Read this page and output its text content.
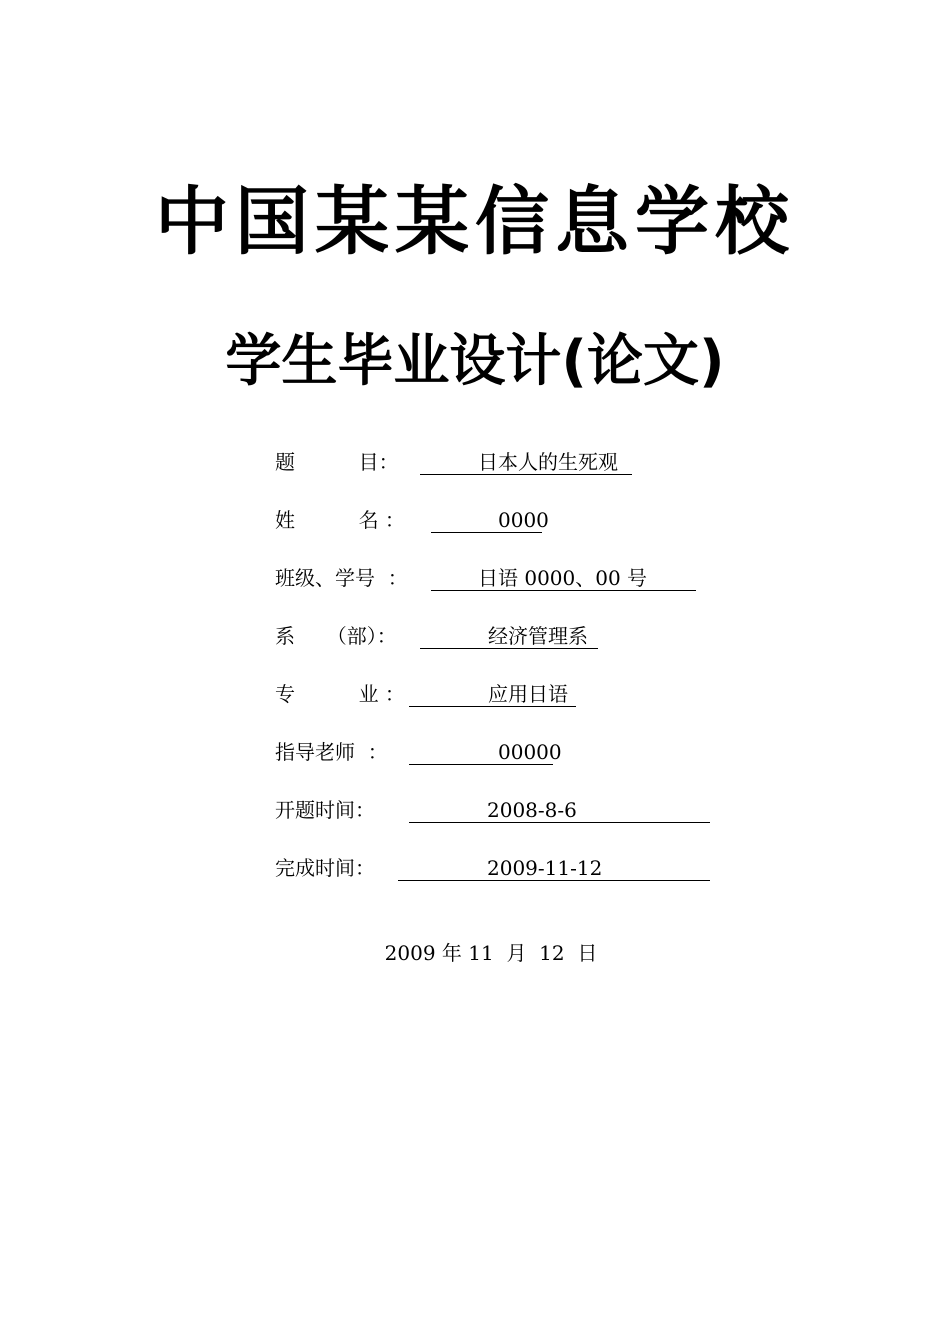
中国某某信息学校
学生毕业设计(论文)
题          目：	日本人的生死观
姓          名 ：	0000
班级、学号  ：	日语 0000、00 号
系     （部）：	经济管理系
专          业 ：	应用日语
指导老师  ：	00000
开题时间：	2008-8-6
完成时间：	2009-11-12
2009 年 11  月  12  日
